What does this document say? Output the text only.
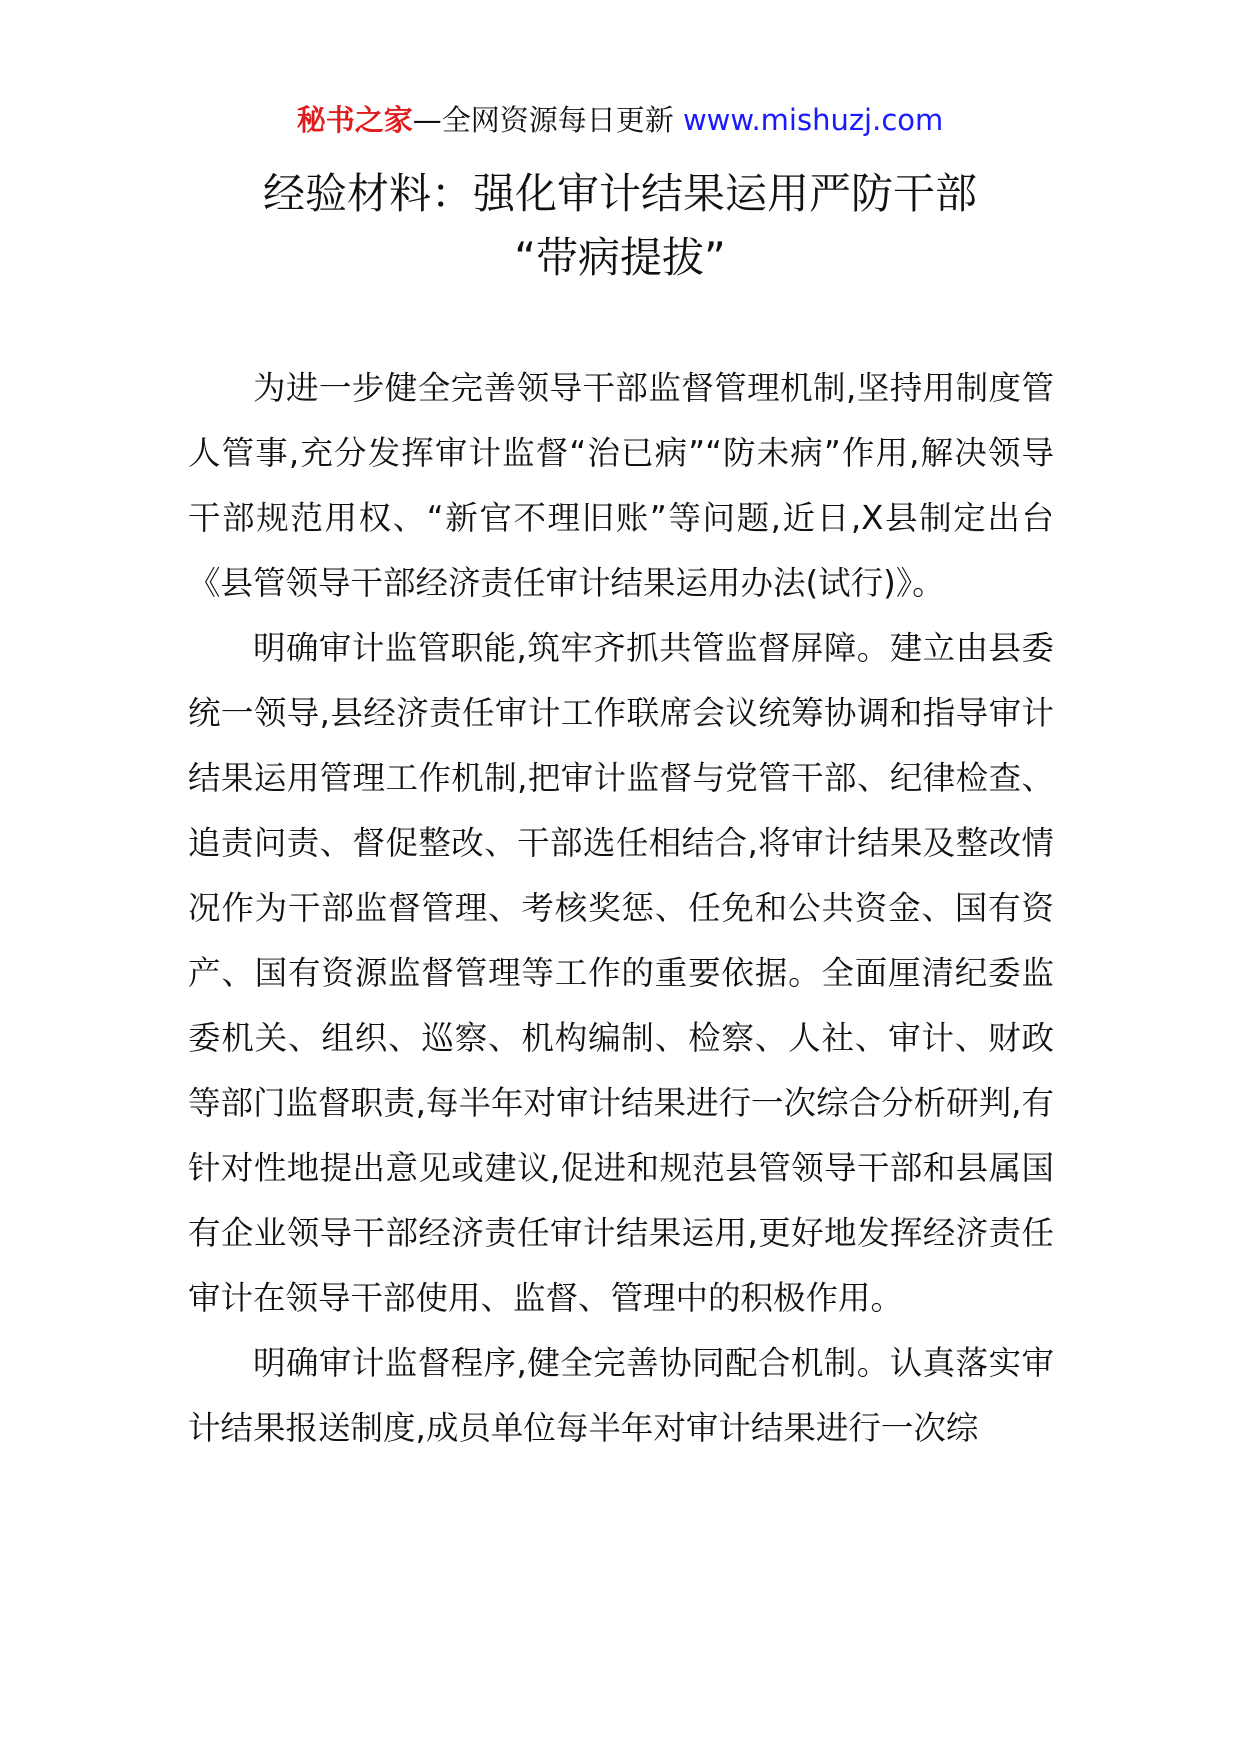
秘书之家—全网资源每日更新 www.mishuzj.com
经验材料：强化审计结果运用严防干部
“带病提拔”

为进一步健全完善领导干部监督管理机制,坚持用制度管人管事,充分发挥审计监督“治已病”“防未病”作用,解决领导干部规范用权、“新官不理旧账”等问题,近日,X县制定出台《县管领导干部经济责任审计结果运用办法(试行)》。

明确审计监管职能,筑牢齐抓共管监督屏障。建立由县委统一领导,县经济责任审计工作联席会议统筹协调和指导审计结果运用管理工作机制,把审计监督与党管干部、纪律检查、追责问责、督促整改、干部选任相结合,将审计结果及整改情况作为干部监督管理、考核奖惩、任免和公共资金、国有资产、国有资源监督管理等工作的重要依据。全面厘清纪委监委机关、组织、巡察、机构编制、检察、人社、审计、财政等部门监督职责,每半年对审计结果进行一次综合分析研判,有针对性地提出意见或建议,促进和规范县管领导干部和县属国有企业领导干部经济责任审计结果运用,更好地发挥经济责任审计在领导干部使用、监督、管理中的积极作用。

明确审计监督程序,健全完善协同配合机制。认真落实审计结果报送制度,成员单位每半年对审计结果进行一次综
